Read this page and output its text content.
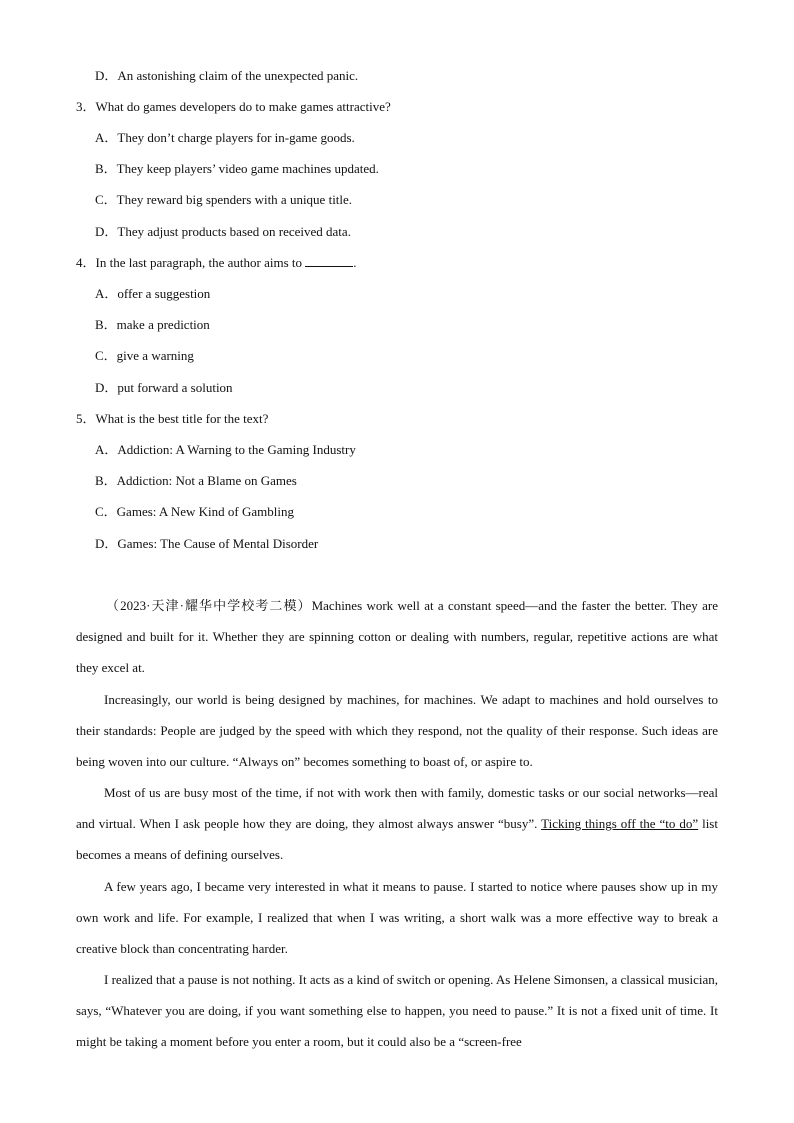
D．An astonishing claim of the unexpected panic.
3．What do games developers do to make games attractive?
A．They don’t charge players for in-game goods.
B．They keep players’ video game machines updated.
C．They reward big spenders with a unique title.
D．They adjust products based on received data.
4．In the last paragraph, the author aims to	.
A．offer a suggestion
B．make a prediction
C．give a warning
D．put forward a solution
5．What is the best title for the text?
A．Addiction: A Warning to the Gaming Industry
B．Addiction: Not a Blame on Games
C．Games: A New Kind of Gambling
D．Games: The Cause of Mental Disorder

（2023·天津·耀华中学校考二模）Machines work well at a constant speed—and the faster the better. They are designed and built for it. Whether they are spinning cotton or dealing with numbers, regular, repetitive actions are what they excel at.

Increasingly, our world is being designed by machines, for machines. We adapt to machines and hold ourselves to their standards: People are judged by the speed with which they respond, not the quality of their response. Such ideas are being woven into our culture. “Always on” becomes something to boast of, or aspire to.

Most of us are busy most of the time, if not with work then with family, domestic tasks or our social networks—real and virtual. When I ask people how they are doing, they almost always answer “busy”. Ticking things off the “to do” list becomes a means of defining ourselves.

A few years ago, I became very interested in what it means to pause. I started to notice where pauses show up in my own work and life. For example, I realized that when I was writing, a short walk was a more effective way to break a creative block than concentrating harder.

I realized that a pause is not nothing. It acts as a kind of switch or opening. As Helene Simonsen, a classical musician, says, “Whatever you are doing, if you want something else to happen, you need to pause.” It is not a fixed unit of time. It might be taking a moment before you enter a room, but it could also be a “screen-free
